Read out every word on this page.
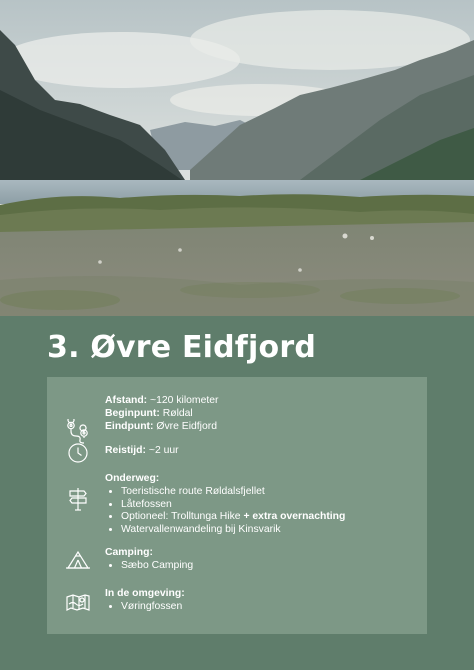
3. Øvre Eidfjord
Afstand: ~120 kilometer
Beginpunt: Røldal
Eindpunt: Øvre Eidfjord
Reistijd: ~2 uur
Onderweg:
• Toeristische route Røldalsfjellet
• Låtefossen
• Optioneel: Trolltunga Hike + extra overnachting
• Watervallenwandeling bij Kinsvarik
Camping:
• Sæbo Camping
In de omgeving:
• Vøringfossen
